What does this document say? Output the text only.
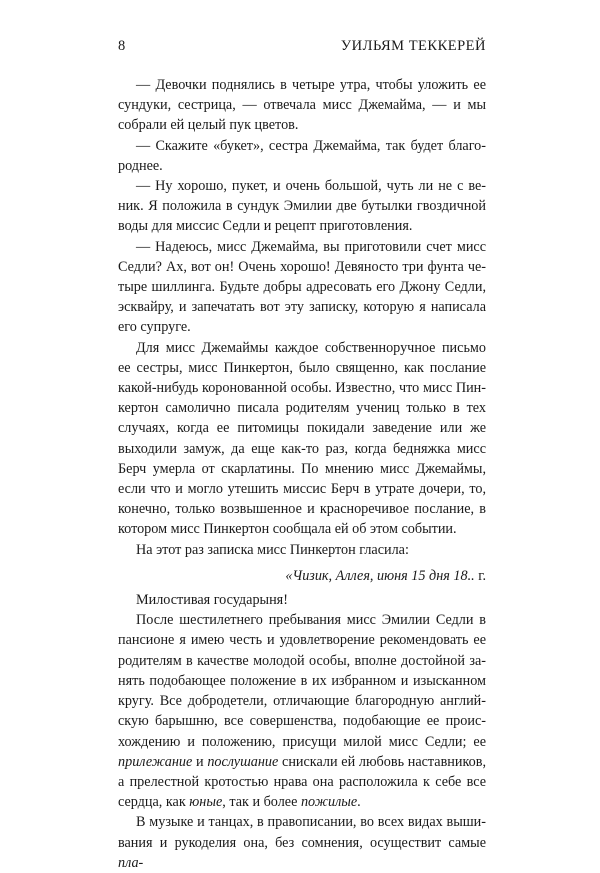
8	УИЛЬЯМ ТЕККЕРЕЙ

— Девочки поднялись в четыре утра, чтобы уложить ее сундуки, сестрица, — отвечала мисс Джемайма, — и мы собрали ей целый пук цветов.

— Скажите «букет», сестра Джемайма, так будет благороднее.

— Ну хорошо, пукет, и очень большой, чуть ли не с веник. Я положила в сундук Эмилии две бутылки гвоздичной воды для миссис Седли и рецепт приготовления.

— Надеюсь, мисс Джемайма, вы приготовили счет мисс Седли? Ах, вот он! Очень хорошо! Девяносто три фунта четыре шиллинга. Будьте добры адресовать его Джону Седли, эсквайру, и запечатать вот эту записку, которую я написала его супруге.

Для мисс Джемаймы каждое собственноручное письмо ее сестры, мисс Пинкертон, было священно, как послание какой-нибудь коронованной особы. Известно, что мисс Пинкертон самолично писала родителям учениц только в тех случаях, когда ее питомицы покидали заведение или же выходили замуж, да еще как-то раз, когда бедняжка мисс Берч умерла от скарлатины. По мнению мисс Джемаймы, если что и могло утешить миссис Берч в утрате дочери, то, конечно, только возвышенное и красноречивое послание, в котором мисс Пинкертон сообщала ей об этом событии.

На этот раз записка мисс Пинкертон гласила:

«Чизик, Аллея, июня 15 дня 18.. г.

Милостивая государыня!

После шестилетнего пребывания мисс Эмилии Седли в пансионе я имею честь и удовлетворение рекомендовать ее родителям в качестве молодой особы, вполне достойной занять подобающее положение в их избранном и изысканном кругу. Все добродетели, отличающие благородную английскую барышню, все совершенства, подобающие ее происхождению и положению, присущи милой мисс Седли; ее прилежание и послушание снискали ей любовь наставников, а прелестной кротостью нрава она расположила к себе все сердца, как юные, так и более пожилые.

В музыке и танцах, в правописании, во всех видах вышивания и рукоделия она, без сомнения, осуществит самые пла-
